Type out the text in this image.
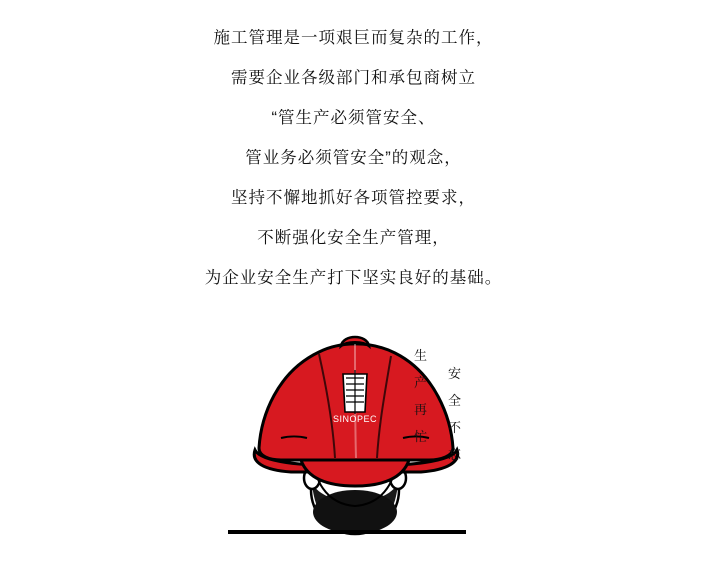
施工管理是一项艰巨而复杂的工作，
需要企业各级部门和承包商树立
“管生产必须管安全、
管业务必须管安全”的观念，
坚持不懈地抓好各项管控要求，
不断强化安全生产管理，
为企业安全生产打下坚实良好的基础。
SINOPEC
生
产
再
忙
安
全
不
忘
